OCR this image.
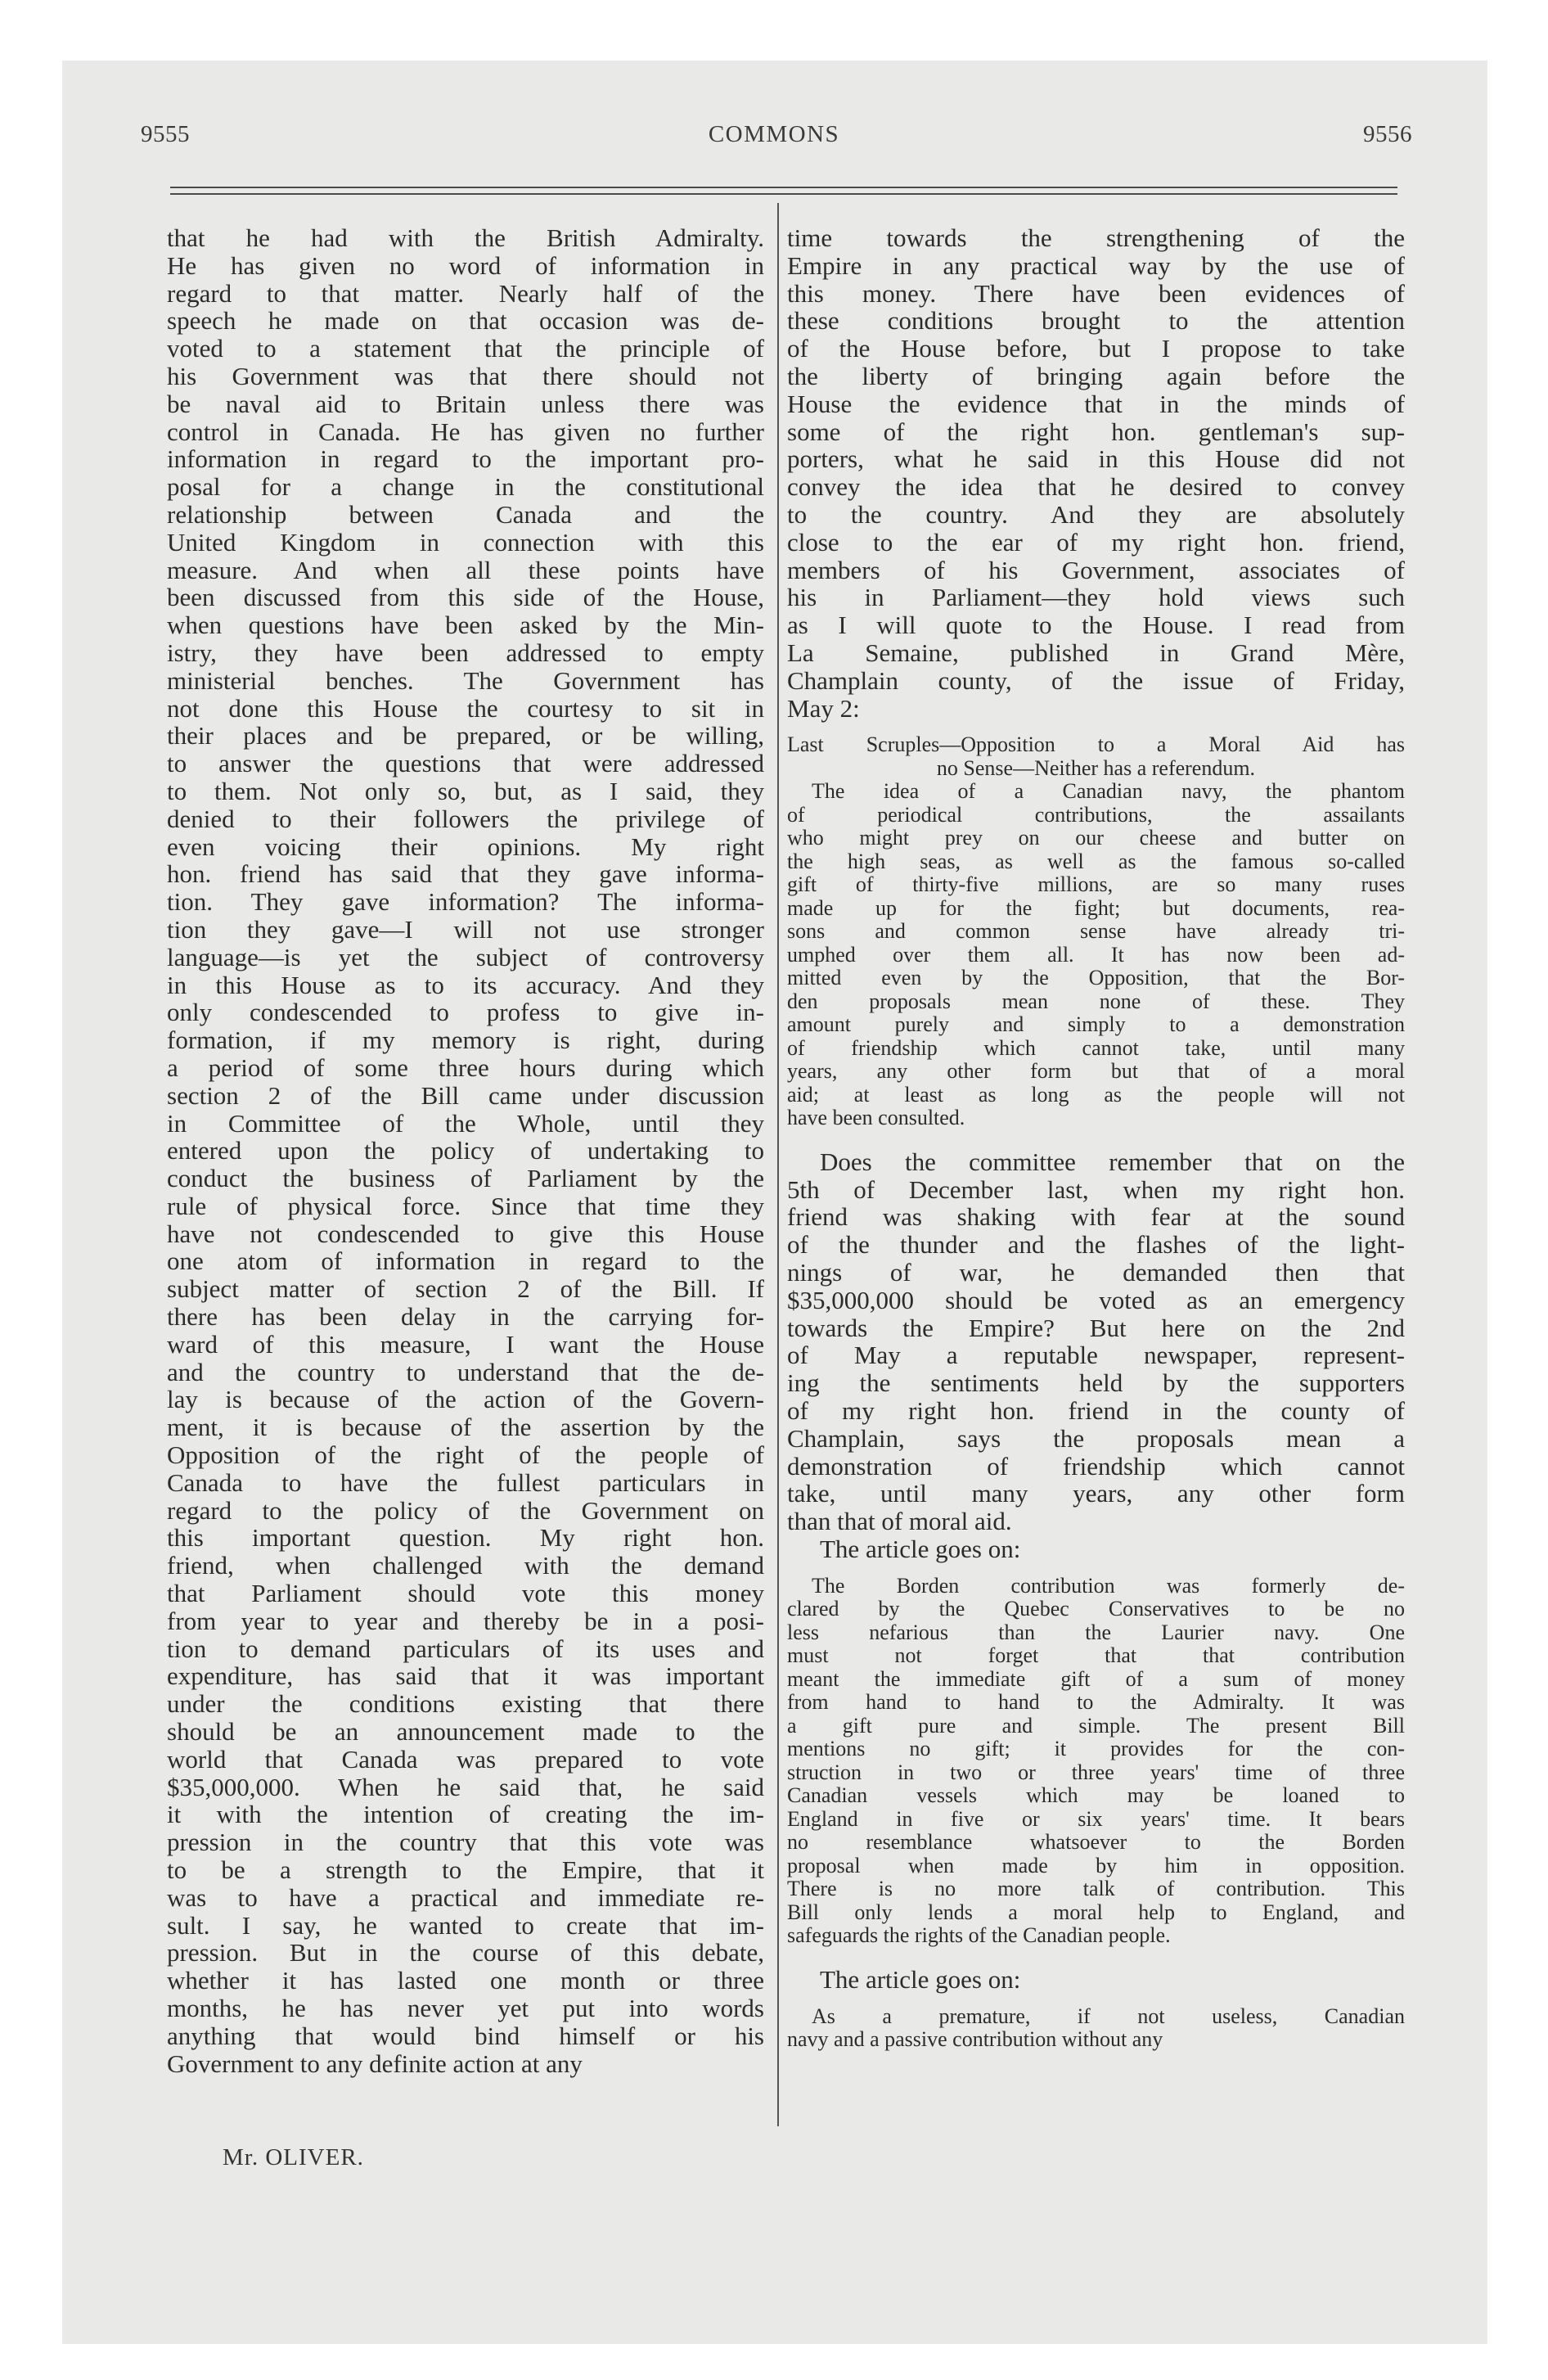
9555	COMMONS	9556
that he had with the British Admiralty.
He has given no word of information in
regard to that matter. Nearly half of the
speech he made on that occasion was de-
voted to a statement that the principle of
his Government was that there should not
be naval aid to Britain unless there was
control in Canada. He has given no further
information in regard to the important pro-
posal for a change in the constitutional
relationship between Canada and the
United Kingdom in connection with this
measure. And when all these points have
been discussed from this side of the House,
when questions have been asked by the Min-
istry, they have been addressed to empty
ministerial benches. The Government has
not done this House the courtesy to sit in
their places and be prepared, or be willing,
to answer the questions that were addressed
to them. Not only so, but, as I said, they
denied to their followers the privilege of
even voicing their opinions. My right
hon. friend has said that they gave informa-
tion. They gave information? The informa-
tion they gave—I will not use stronger
language—is yet the subject of controversy
in this House as to its accuracy. And they
only condescended to profess to give in-
formation, if my memory is right, during
a period of some three hours during which
section 2 of the Bill came under discussion
in Committee of the Whole, until they
entered upon the policy of undertaking to
conduct the business of Parliament by the
rule of physical force. Since that time they
have not condescended to give this House
one atom of information in regard to the
subject matter of section 2 of the Bill. If
there has been delay in the carrying for-
ward of this measure, I want the House
and the country to understand that the de-
lay is because of the action of the Govern-
ment, it is because of the assertion by the
Opposition of the right of the people of
Canada to have the fullest particulars in
regard to the policy of the Government on
this important question. My right hon.
friend, when challenged with the demand
that Parliament should vote this money
from year to year and thereby be in a posi-
tion to demand particulars of its uses and
expenditure, has said that it was important
under the conditions existing that there
should be an announcement made to the
world that Canada was prepared to vote
$35,000,000. When he said that, he said
it with the intention of creating the im-
pression in the country that this vote was
to be a strength to the Empire, that it
was to have a practical and immediate re-
sult. I say, he wanted to create that im-
pression. But in the course of this debate,
whether it has lasted one month or three
months, he has never yet put into words
anything that would bind himself or his
Government to any definite action at any
Mr. OLIVER.
time towards the strengthening of the
Empire in any practical way by the use of
this money. There have been evidences of
these conditions brought to the attention
of the House before, but I propose to take
the liberty of bringing again before the
House the evidence that in the minds of
some of the right hon. gentleman's sup-
porters, what he said in this House did not
convey the idea that he desired to convey
to the country. And they are absolutely
close to the ear of my right hon. friend,
members of his Government, associates of
his in Parliament—they hold views such
as I will quote to the House. I read from
La Semaine, published in Grand Mère,
Champlain county, of the issue of Friday,
May 2:
Last Scruples—Opposition to a Moral Aid has
no Sense—Neither has a referendum.
The idea of a Canadian navy, the phantom
of periodical contributions, the assailants
who might prey on our cheese and butter on
the high seas, as well as the famous so-called
gift of thirty-five millions, are so many ruses
made up for the fight; but documents, rea-
sons and common sense have already tri-
umphed over them all. It has now been ad-
mitted even by the Opposition, that the Bor-
den proposals mean none of these. They
amount purely and simply to a demonstration
of friendship which cannot take, until many
years, any other form but that of a moral
aid; at least as long as the people will not
have been consulted.
Does the committee remember that on the
5th of December last, when my right hon.
friend was shaking with fear at the sound
of the thunder and the flashes of the light-
nings of war, he demanded then that
$35,000,000 should be voted as an emergency
towards the Empire? But here on the 2nd
of May a reputable newspaper, represent-
ing the sentiments held by the supporters
of my right hon. friend in the county of
Champlain, says the proposals mean a
demonstration of friendship which cannot
take, until many years, any other form
than that of moral aid.
The article goes on:
The Borden contribution was formerly de-
clared by the Quebec Conservatives to be no
less nefarious than the Laurier navy. One
must not forget that that contribution
meant the immediate gift of a sum of money
from hand to hand to the Admiralty. It was
a gift pure and simple. The present Bill
mentions no gift; it provides for the con-
struction in two or three years' time of three
Canadian vessels which may be loaned to
England in five or six years' time. It bears
no resemblance whatsoever to the Borden
proposal when made by him in opposition.
There is no more talk of contribution. This
Bill only lends a moral help to England, and
safeguards the rights of the Canadian people.
The article goes on:
As a premature, if not useless, Canadian
navy and a passive contribution without any
